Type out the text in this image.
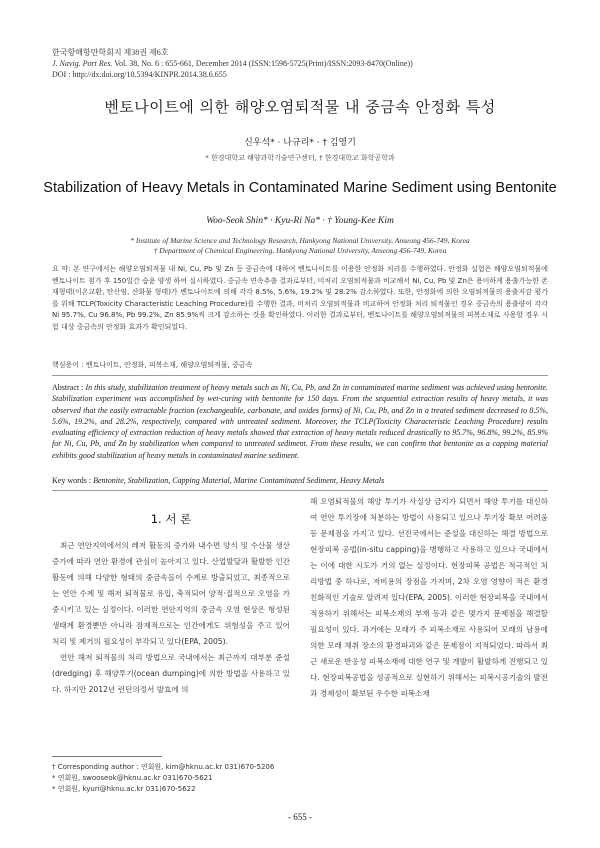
한국항해항만학회지 제38권 제6호
J. Navig. Port Res. Vol. 38, No. 6 : 655-661, December 2014 (ISSN:1598-5725(Print)/ISSN:2093-8470(Online))
DOI : http://dx.doi.org/10.5394/KINPR.2014.38.6.655
벤토나이트에 의한 해양오염퇴적물 내 중금속 안정화 특성
신우석* · 나규리* · † 김영기
* 한경대학교 해양과학기술연구센터, † 한경대학교 화학공학과
Stabilization of Heavy Metals in Contaminated Marine Sediment using Bentonite
Woo-Seok Shin* · Kyu-Ri Na* · † Young-Kee Kim
* Institute of Marine Science and Technology Research, Hankyong National University, Anseong 456-749, Korea
† Department of Chemical Engineering, Hankyong National University, Anseong 456-749, Korea
요 약: 본 연구에서는 해양오염퇴적물 내 Ni, Cu, Pb 및 Zn 등 중금속에 대하여 벤토나이트를 이용한 안정화 처리를 수행하였다. 안정화 실험은 해양오염퇴적물에 벤토나이트 첨가 후 150일간 습윤 양생 하여 실시하였다. 중금속 연속추출 결과로부터, 미처리 오염퇴적물과 비교해서 Ni, Cu, Pb 및 Zn은 용이하게 용출가능한 존재형태(이온교환, 탄산염, 산화물 형태)가 벤토나이트에 의해 각각 8.5%, 5.6%, 19.2% 및 28.2% 감소하였다. 또한, 안정화에 의한 오염퇴적물의 용출저감 평가를 위해 TCLP(Toxicity Characteristic Leaching Procedure)를 수행한 결과, 미처리 오염퇴적물과 비교하여 안정화 처리 퇴적물인 경우 중금속의 용출량이 각각 Ni 95.7%, Cu 96.8%, Pb 99.2%, Zn 85.9%씩 크게 감소하는 것을 확인하였다. 이러한 결과로부터, 벤토나이트를 해양오염퇴적물의 피복소재로 사용할 경우 시험 대상 중금속의 안정화 효과가 확인되었다.
핵심용어 : 벤토나이트, 안정화, 피복소재, 해양오염퇴적물, 중금속
Abstract : In this study, stabilization treatment of heavy metals such as Ni, Cu, Pb, and Zn in contaminated marine sediment was achieved using bentonite. Stabilization experiment was accomplished by wet-curing with bentonite for 150 days. From the sequential extraction results of heavy metals, it was observed that the easily extractable fraction (exchangeable, carbonate, and oxides forms) of Ni, Cu, Pb, and Zn in a treated sediment decreased to 8.5%, 5.6%, 19.2%, and 28.2%, respectively, compared with untreated sediment. Moreover, the TCLP(Toxicity Characteristic Leaching Procedure) results evaluating efficiency of extraction reduction of heavy metals showed that extraction of heavy metals reduced drastically to 95.7%, 96.8%, 99.2%, 85.9% for Ni, Cu, Pb, and Zn by stabilization when compared to untreated sediment. From these results, we can confirm that bentonite as a capping material exhibits good stabilization of heavy metals in contaminated marine sediment.
Key words : Bentonite, Stabilization, Capping Material, Marine Contaminated Sediment, Heavy Metals
1. 서 론

최근 연안지역에서의 레저 활동의 증가와 내수면 양식 및 수산물 생산 증가에 따라 연안 환경에 관심이 높아지고 있다. 산업발달과 활발한 인간 활동에 의해 다양한 형태의 중금속들이 수계로 방출되었고, 최종적으로는 연안 수계 및 해저 퇴적물로 유입, 축적되어 양적·질적으로 오염을 가중시키고 있는 실정이다. 이러한 연안지역의 중금속 오염 현상은 형성된 생태계 환경뿐만 아니라 잠재적으로는 인간에게도 위험성을 주고 있어 처리 및 제거의 필요성이 부각되고 있다(EPA, 2005).

연안 해저 퇴적물의 처리 방법으로 국내에서는 최근까지 대부분 준설(dredging) 후 해양투기(ocean dumping)에 의한 방법을 사용하고 있다. 하지만 2012년 런던의정서 발효에 의

해 오염퇴적물의 해양 투기가 사실상 금지가 되면서 해양 투기를 대신하여 연안 투기장에 처분하는 방법이 사용되고 있으나 투기장 확보 어려움 등 문제점을 가지고 있다. 선진국에서는 준설을 대신하는 해결 방법으로 현장피복 공법(in-situ capping)을 병행하고 사용하고 있으나 국내에서는 이에 대한 시도가 거의 없는 실정이다. 현장피복 공법은 적극적인 처리방법 중 하나로, 저비용의 장점을 가지며, 2차 오염 영향이 적은 환경친화적인 기술로 알려져 있다(EPA, 2005). 이러한 현장피복을 국내에서 적용하기 위해서는 피복소재의 부재 등과 같은 몇가지 문제점을 해결할 필요성이 있다. 과거에는 모래가 주 피복소재로 사용되어 모래의 남용에 의한 모래 채취 장소의 환경파괴와 같은 문제점이 지적되었다. 따라서 최근 새로운 반응성 피복소재에 대한 연구 및 개발이 활발하게 진행되고 있다. 현장피복공법을 성공적으로 실현하기 위해서는 피복시공기술의 발전과 경제성이 확보된 우수한 피복소재

† Corresponding author : 연회원, kim@hknu.ac.kr 031)670-5206
* 연회원, swooseok@hknu.ac.kr 031)670-5621
* 연회원, kyuri@hknu.ac.kr 031)670-5622
- 655 -
